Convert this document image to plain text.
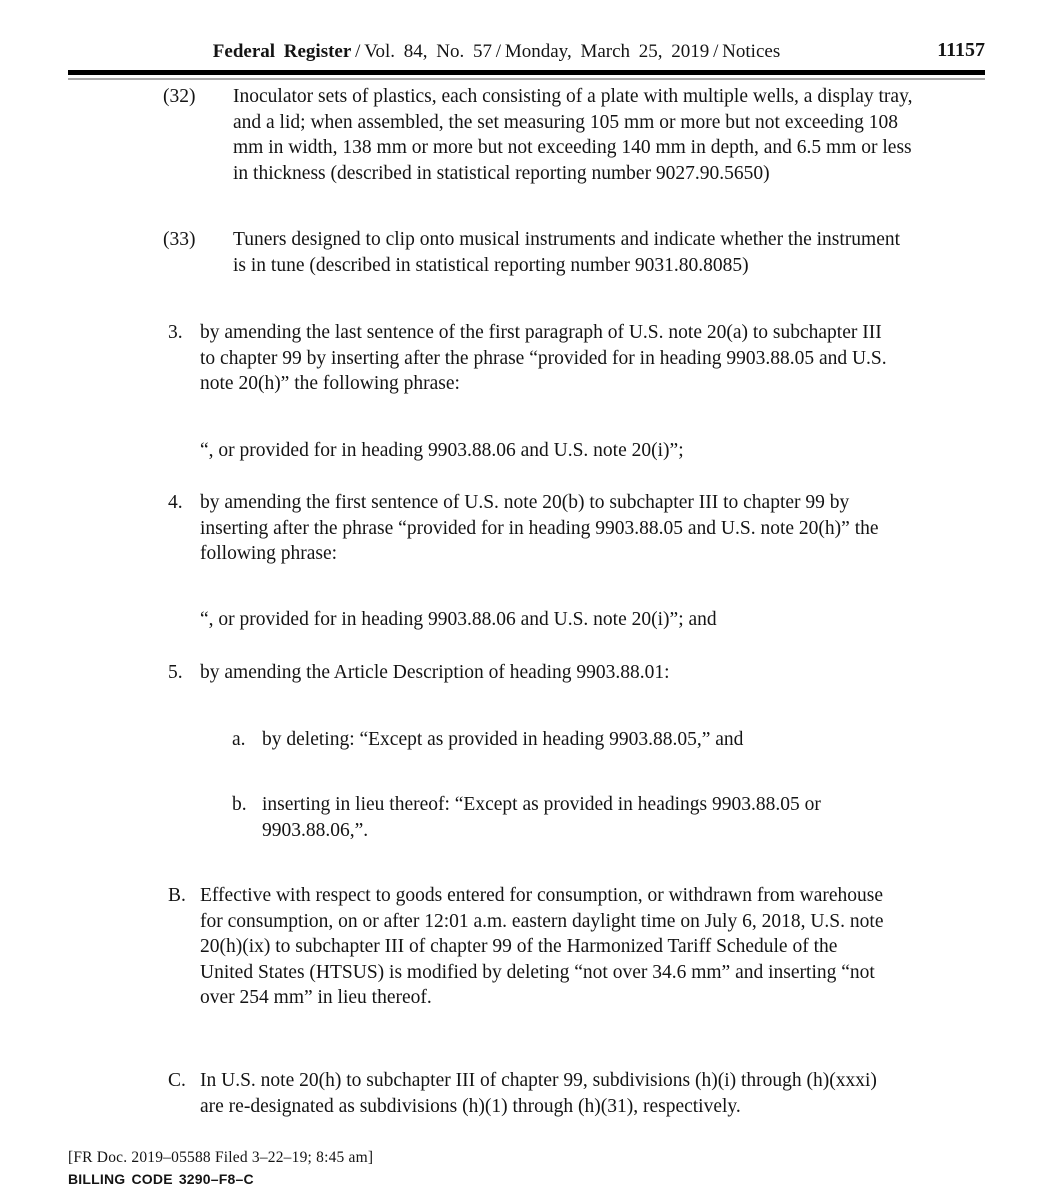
Federal Register / Vol. 84, No. 57 / Monday, March 25, 2019 / Notices	11157
(32)	Inoculator sets of plastics, each consisting of a plate with multiple wells, a display tray, and a lid; when assembled, the set measuring 105 mm or more but not exceeding 108 mm in width, 138 mm or more but not exceeding 140 mm in depth, and 6.5 mm or less in thickness (described in statistical reporting number 9027.90.5650)
(33)	Tuners designed to clip onto musical instruments and indicate whether the instrument is in tune (described in statistical reporting number 9031.80.8085)
3. by amending the last sentence of the first paragraph of U.S. note 20(a) to subchapter III to chapter 99 by inserting after the phrase “provided for in heading 9903.88.05 and U.S. note 20(h)” the following phrase:
“, or provided for in heading 9903.88.06 and U.S. note 20(i)”;
4. by amending the first sentence of U.S. note 20(b) to subchapter III to chapter 99 by inserting after the phrase “provided for in heading 9903.88.05 and U.S. note 20(h)” the following phrase:
“, or provided for in heading 9903.88.06 and U.S. note 20(i)”; and
5. by amending the Article Description of heading 9903.88.01:
a. by deleting: “Except as provided in heading 9903.88.05,” and
b. inserting in lieu thereof: “Except as provided in headings 9903.88.05 or 9903.88.06,”.
B. Effective with respect to goods entered for consumption, or withdrawn from warehouse for consumption, on or after 12:01 a.m. eastern daylight time on July 6, 2018, U.S. note 20(h)(ix) to subchapter III of chapter 99 of the Harmonized Tariff Schedule of the United States (HTSUS) is modified by deleting “not over 34.6 mm” and inserting “not over 254 mm” in lieu thereof.
C. In U.S. note 20(h) to subchapter III of chapter 99, subdivisions (h)(i) through (h)(xxxi) are re-designated as subdivisions (h)(1) through (h)(31), respectively.
[FR Doc. 2019–05588 Filed 3–22–19; 8:45 am]
BILLING CODE 3290–F8–C
